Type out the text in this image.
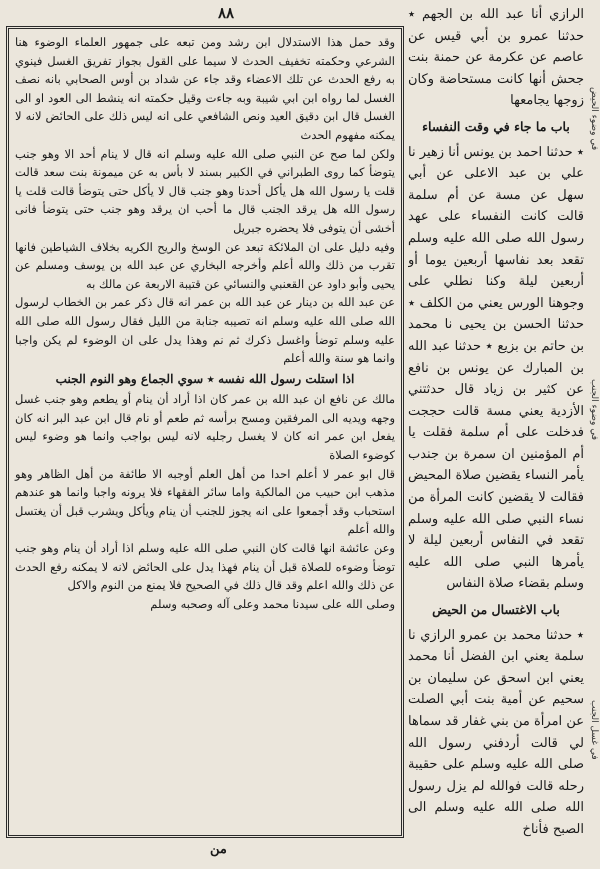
٨٨

وقد حمل هذا الاستدلال ابن رشد ومن تبعه على جمهور العلماء الوضوء هنا الشرعي وحكمته تخفيف الحدث لا سيما على القول بجواز تفريق الغسل فينوي به رفع الحدث عن تلك الاعضاء وقد جاء عن شداد بن أوس الصحابي بانه نصف الغسل لما رواه ابن ابي شيبة وبه جاءت وقيل حكمته انه ينشط الى العود او الى الغسل قال ابن دقيق العيد ونص الشافعي على انه ليس ذلك على الحائض لانه لا يمكنه مفهوم الحدث

ولكن لما صح عن النبي صلى الله عليه وسلم انه قال لا ينام أحد الا وهو جنب يتوضأ كما روى الطبراني في الكبير بسند لا بأس به عن ميمونة بنت سعد قالت قلت يا رسول الله هل يأكل أحدنا وهو جنب قال لا يأكل حتى يتوضأ قالت قلت يا رسول الله هل يرقد الجنب قال ما أحب ان يرقد وهو جنب حتى يتوضأ فانى أخشى أن يتوفى فلا يحضره جبريل

وفيه دليل على ان الملائكة تبعد عن الوسخ والريح الكريه بخلاف الشياطين فانها تقرب من ذلك والله أعلم وأخرجه البخاري عن عبد الله بن يوسف ومسلم عن يحيى وأبو داود عن القعنبي والنسائي عن قتيبة الاربعة عن مالك به

عن عبد الله بن دينار عن عبد الله بن عمر انه قال ذكر عمر بن الخطاب لرسول الله صلى الله عليه وسلم انه تصيبه جنابة من الليل فقال رسول الله صلى الله عليه وسلم توضأ واغسل ذكرك ثم نم وهذا يدل على ان الوضوء لم يكن واجبا وانما هو سنة والله أعلم

اذا استلت رسول الله نفسه ٭ سوي الجماع وهو النوم الجنب

مالك عن نافع ان عبد الله بن عمر كان اذا أراد أن ينام أو يطعم وهو جنب غسل وجهه ويديه الى المرفقين ومسح برأسه ثم طعم أو نام قال ابن عبد البر انه كان يفعل ابن عمر انه كان لا يغسل رجليه لانه ليس بواجب وانما هو وضوء ليس كوضوء الصلاة

قال ابو عمر لا أعلم احدا من أهل العلم أوجبه الا طائفة من أهل الظاهر وهو مذهب ابن حبيب من المالكية واما سائر الفقهاء فلا يرونه واجبا وانما هو عندهم استحباب وقد أجمعوا على انه يجوز للجنب أن ينام ويأكل ويشرب قبل أن يغتسل والله أعلم

وعن عائشة انها قالت كان النبي صلى الله عليه وسلم اذا أراد أن ينام وهو جنب توضأ وضوءه للصلاة قبل أن ينام فهذا يدل على الحائض لانه لا يمكنه رفع الحدث عن ذلك والله اعلم وقد قال ذلك في الصحيح فلا يمنع من النوم والاكل

وصلى الله على سيدنا محمد وعلى آله وصحبه وسلم

الرازي أنا عبد الله بن الجهم ٭ حدثنا عمرو بن أبي قيس عن عاصم عن عكرمة عن حمنة بنت جحش أنها كانت مستحاضة وكان زوجها يجامعها

باب ما جاء في وقت النفساء

٭ حدثنا احمد بن يونس أنا زهير نا علي بن عبد الاعلى عن أبي سهل عن مسة عن أم سلمة قالت كانت النفساء على عهد رسول الله صلى الله عليه وسلم تقعد بعد نفاسها أربعين يوما أو أربعين ليلة وكنا نطلي على وجوهنا الورس يعني من الكلف ٭ حدثنا الحسن بن يحيى نا محمد بن حاتم بن بزيع ٭ حدثنا عبد الله بن المبارك عن يونس بن نافع عن كثير بن زياد قال حدثتني الأزدية يعني مسة قالت حججت فدخلت على أم سلمة فقلت يا أم المؤمنين ان سمرة بن جندب يأمر النساء يقضين صلاة المحيض فقالت لا يقضين كانت المرأة من نساء النبي صلى الله عليه وسلم تقعد في النفاس أربعين ليلة لا يأمرها النبي صلى الله عليه وسلم بقضاء صلاة النفاس

باب الاغتسال من الحيض

٭ حدثنا محمد بن عمرو الرازي نا سلمة يعني ابن الفضل أنا محمد يعني ابن اسحق عن سليمان بن سحيم عن أمية بنت أبي الصلت عن امرأة من بني غفار قد سماها لي قالت أردفني رسول الله صلى الله عليه وسلم على حقيبة رحله قالت فوالله لم يزل رسول الله صلى الله عليه وسلم الى الصبح فأناخ

في وضوء الحيض
في وضوء الجنب
في غسل الجنب
من
